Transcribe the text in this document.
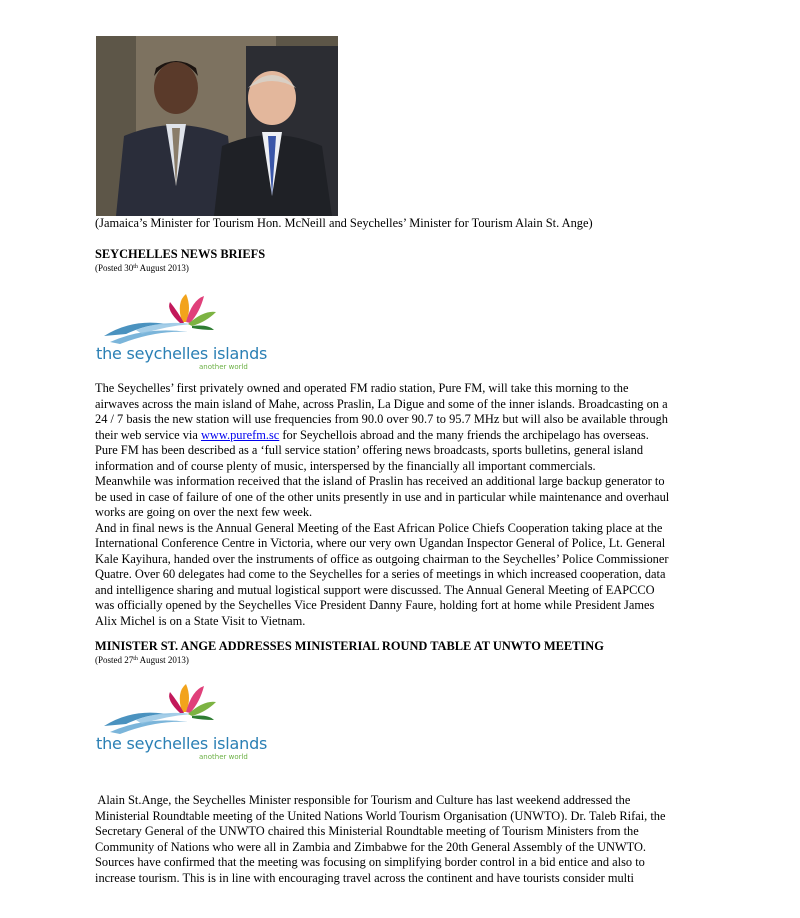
(Jamaica’s Minister for Tourism Hon. McNeill and Seychelles’ Minister for Tourism Alain St. Ange)
SEYCHELLES NEWS BRIEFS
(Posted 30th August 2013)
the seychelles islands
another world
The Seychelles’ first privately owned and operated FM radio station, Pure FM, will take this morning to the
airwaves across the main island of Mahe, across Praslin, La Digue and some of the inner islands. Broadcasting on a
24 / 7 basis the new station will use frequencies from 90.0 over 90.7 to 95.7 MHz but will also be available through
their web service via www.purefm.sc for Seychellois abroad and the many friends the archipelago has overseas.
Pure FM has been described as a ‘full service station’ offering news broadcasts, sports bulletins, general island
information and of course plenty of music, interspersed by the financially all important commercials.
Meanwhile was information received that the island of Praslin has received an additional large backup generator to
be used in case of failure of one of the other units presently in use and in particular while maintenance and overhaul
works are going on over the next few week.
And in final news is the Annual General Meeting of the East African Police Chiefs Cooperation taking place at the
International Conference Centre in Victoria, where our very own Ugandan Inspector General of Police, Lt. General
Kale Kayihura, handed over the instruments of office as outgoing chairman to the Seychelles’ Police Commissioner
Quatre. Over 60 delegates had come to the Seychelles for a series of meetings in which increased cooperation, data
and intelligence sharing and mutual logistical support were discussed. The Annual General Meeting of EAPCCO
was officially opened by the Seychelles Vice President Danny Faure, holding fort at home while President James
Alix Michel is on a State Visit to Vietnam.
MINISTER ST. ANGE ADDRESSES MINISTERIAL ROUND TABLE AT UNWTO MEETING
(Posted 27th August 2013)
the seychelles islands
another world
Alain St.Ange, the Seychelles Minister responsible for Tourism and Culture has last weekend addressed the
Ministerial Roundtable meeting of the United Nations World Tourism Organisation (UNWTO). Dr. Taleb Rifai, the
Secretary General of the UNWTO chaired this Ministerial Roundtable meeting of Tourism Ministers from the
Community of Nations who were all in Zambia and Zimbabwe for the 20th General Assembly of the UNWTO.
Sources have confirmed that the meeting was focusing on simplifying border control in a bid entice and also to
increase tourism. This is in line with encouraging travel across the continent and have tourists consider multi
